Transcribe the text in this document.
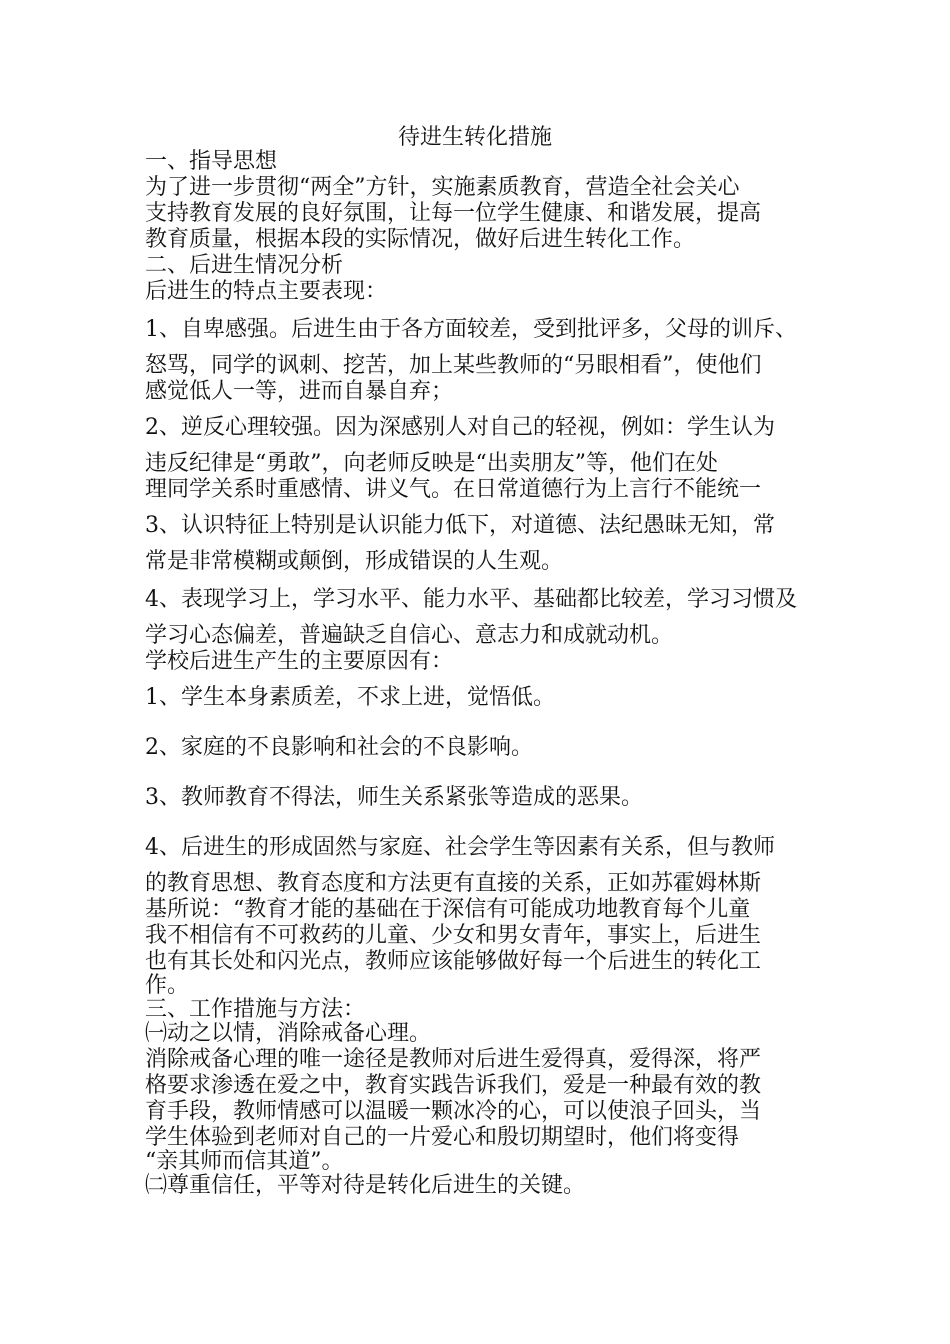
待进生转化措施
一、指导思想
为了进一步贯彻“两全”方针，实施素质教育，营造全社会关心
支持教育发展的良好氛围，让每一位学生健康、和谐发展，提高
教育质量，根据本段的实际情况，做好后进生转化工作。
二、后进生情况分析
后进生的特点主要表现：
1、自卑感强。后进生由于各方面较差，受到批评多，父母的训斥、
怒骂，同学的讽刺、挖苦，加上某些教师的“另眼相看”，使他们
感觉低人一等，进而自暴自弃；
2、逆反心理较强。因为深感别人对自己的轻视，例如：学生认为
违反纪律是“勇敢”，向老师反映是“出卖朋友”等，他们在处
理同学关系时重感情、讲义气。在日常道德行为上言行不能统一
3、认识特征上特别是认识能力低下，对道德、法纪愚昧无知，常
常是非常模糊或颠倒，形成错误的人生观。
4、表现学习上，学习水平、能力水平、基础都比较差，学习习惯及
学习心态偏差，普遍缺乏自信心、意志力和成就动机。
学校后进生产生的主要原因有：
1、学生本身素质差，不求上进，觉悟低。
2、家庭的不良影响和社会的不良影响。
3、教师教育不得法，师生关系紧张等造成的恶果。
4、后进生的形成固然与家庭、社会学生等因素有关系，但与教师
的教育思想、教育态度和方法更有直接的关系，正如苏霍姆林斯
基所说：“教育才能的基础在于深信有可能成功地教育每个儿童
我不相信有不可救药的儿童、少女和男女青年，事实上，后进生
也有其长处和闪光点，教师应该能够做好每一个后进生的转化工
作。
三、工作措施与方法：
㈠动之以情，消除戒备心理。
消除戒备心理的唯一途径是教师对后进生爱得真，爱得深，将严
格要求渗透在爱之中，教育实践告诉我们，爱是一种最有效的教
育手段，教师情感可以温暖一颗冰冷的心，可以使浪子回头，当
学生体验到老师对自己的一片爱心和殷切期望时，他们将变得
“亲其师而信其道”。
㈡尊重信任，平等对待是转化后进生的关键。
